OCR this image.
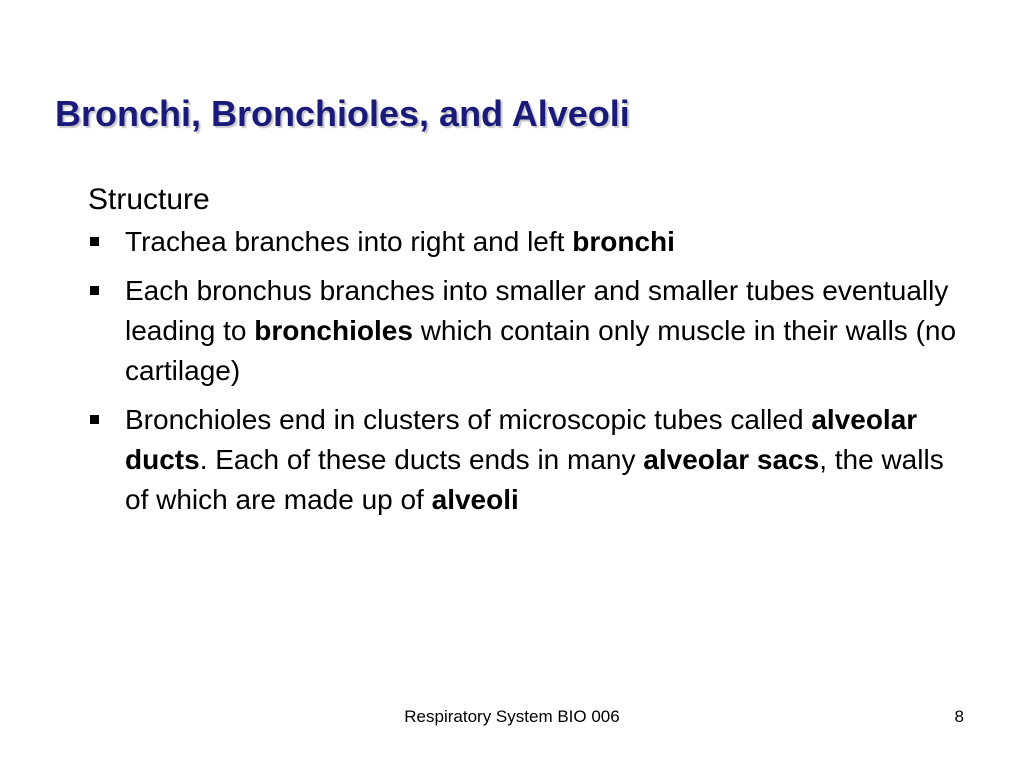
Bronchi, Bronchioles, and Alveoli
Structure
Trachea branches into right and left bronchi
Each bronchus branches into smaller and smaller tubes eventually leading to bronchioles which contain only muscle in their walls (no cartilage)
Bronchioles end in clusters of microscopic tubes called alveolar ducts. Each of these ducts ends in many alveolar sacs, the walls of which are made up of alveoli
Respiratory System BIO 006	8
